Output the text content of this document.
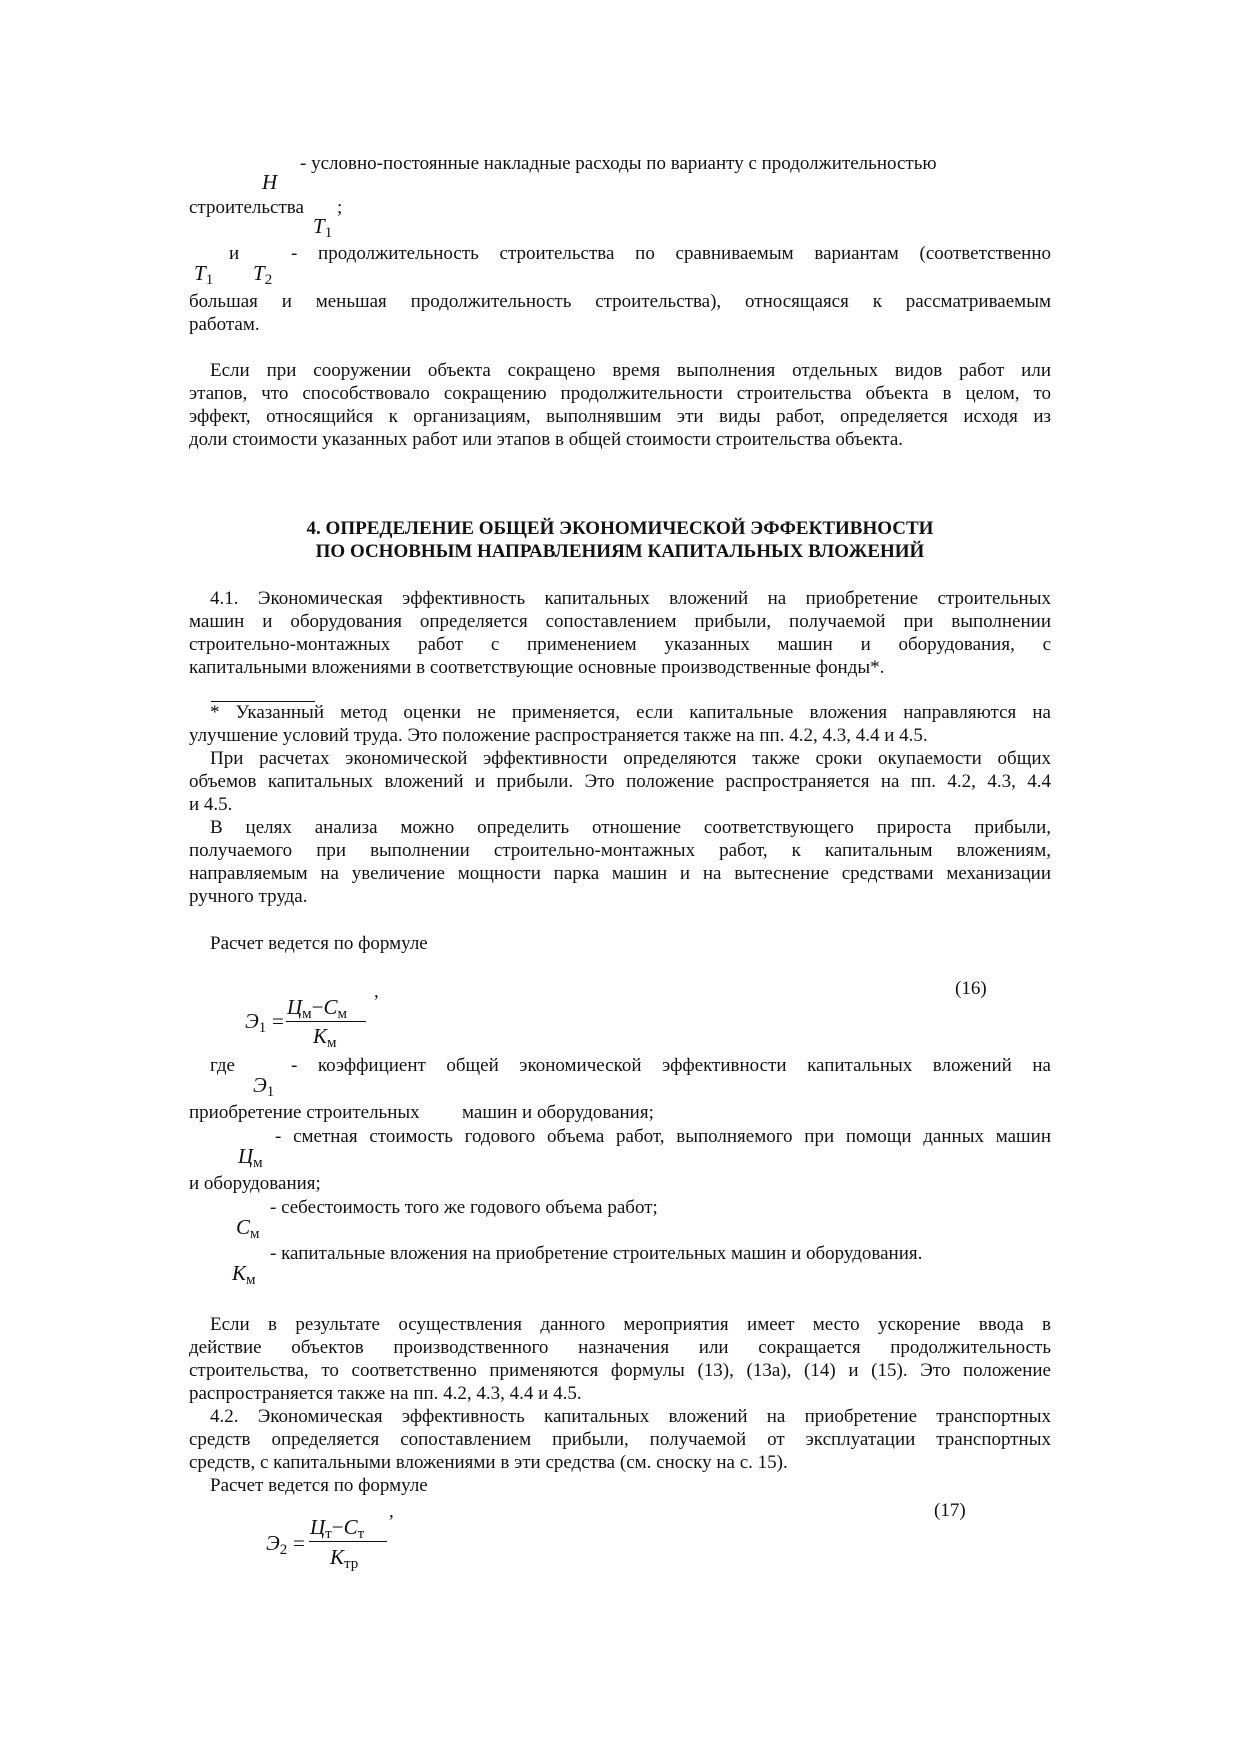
- условно-постоянные накладные расходы по варианту с продолжительностью
Н
строительства ;
Т1
и	- продолжительность строительства по сравниваемым вариантам (соответственно
Т1 Т2
большая и меньшая продолжительность строительства), относящаяся к рассматриваемым
работам.
Если при сооружении объекта сокращено время выполнения отдельных видов работ или
этапов, что способствовало сокращению продолжительности строительства объекта в целом, то
эффект, относящийся к организациям, выполнявшим эти виды работ, определяется исходя из
доли стоимости указанных работ или этапов в общей стоимости строительства объекта.
4. ОПРЕДЕЛЕНИЕ ОБЩЕЙ ЭКОНОМИЧЕСКОЙ ЭФФЕКТИВНОСТИ
ПО ОСНОВНЫМ НАПРАВЛЕНИЯМ КАПИТАЛЬНЫХ ВЛОЖЕНИЙ
4.1. Экономическая эффективность капитальных вложений на приобретение строительных
машин и оборудования определяется сопоставлением прибыли, получаемой при выполнении
строительно-монтажных работ с применением указанных машин и оборудования, с
капитальными вложениями в соответствующие основные производственные фонды*.
* Указанный метод оценки не применяется, если капитальные вложения направляются на
улучшение условий труда. Это положение распространяется также на пп. 4.2, 4.3, 4.4 и 4.5.
При расчетах экономической эффективности определяются также сроки окупаемости общих
объемов капитальных вложений и прибыли. Это положение распространяется на пп. 4.2, 4.3, 4.4
и 4.5.
В целях анализа можно определить отношение соответствующего прироста прибыли,
получаемого при выполнении строительно-монтажных работ, к капитальным вложениям,
направляемым на увеличение мощности парка машин и на вытеснение средствами механизации
ручного труда.
Расчет ведется по формуле
Э1 =
Цм−См
Км
,	(16)
где	- коэффициент общей экономической эффективности капитальных вложений на
Э1
приобретение строительных машин и оборудования;
- сметная стоимость годового объема работ, выполняемого при помощи данных машин
Цм
и оборудования;
- себестоимость того же годового объема работ;
См
- капитальные вложения на приобретение строительных машин и оборудования.
Км
Если в результате осуществления данного мероприятия имеет место ускорение ввода в
действие объектов производственного назначения или сокращается продолжительность
строительства, то соответственно применяются формулы (13), (13а), (14) и (15). Это положение
распространяется также на пп. 4.2, 4.3, 4.4 и 4.5.
4.2. Экономическая эффективность капитальных вложений на приобретение транспортных
средств определяется сопоставлением прибыли, получаемой от эксплуатации транспортных
средств, с капитальными вложениями в эти средства (см. сноску на с. 15).
Расчет ведется по формуле
Э2 =
Цт−Ст
Ктр
,	(17)
